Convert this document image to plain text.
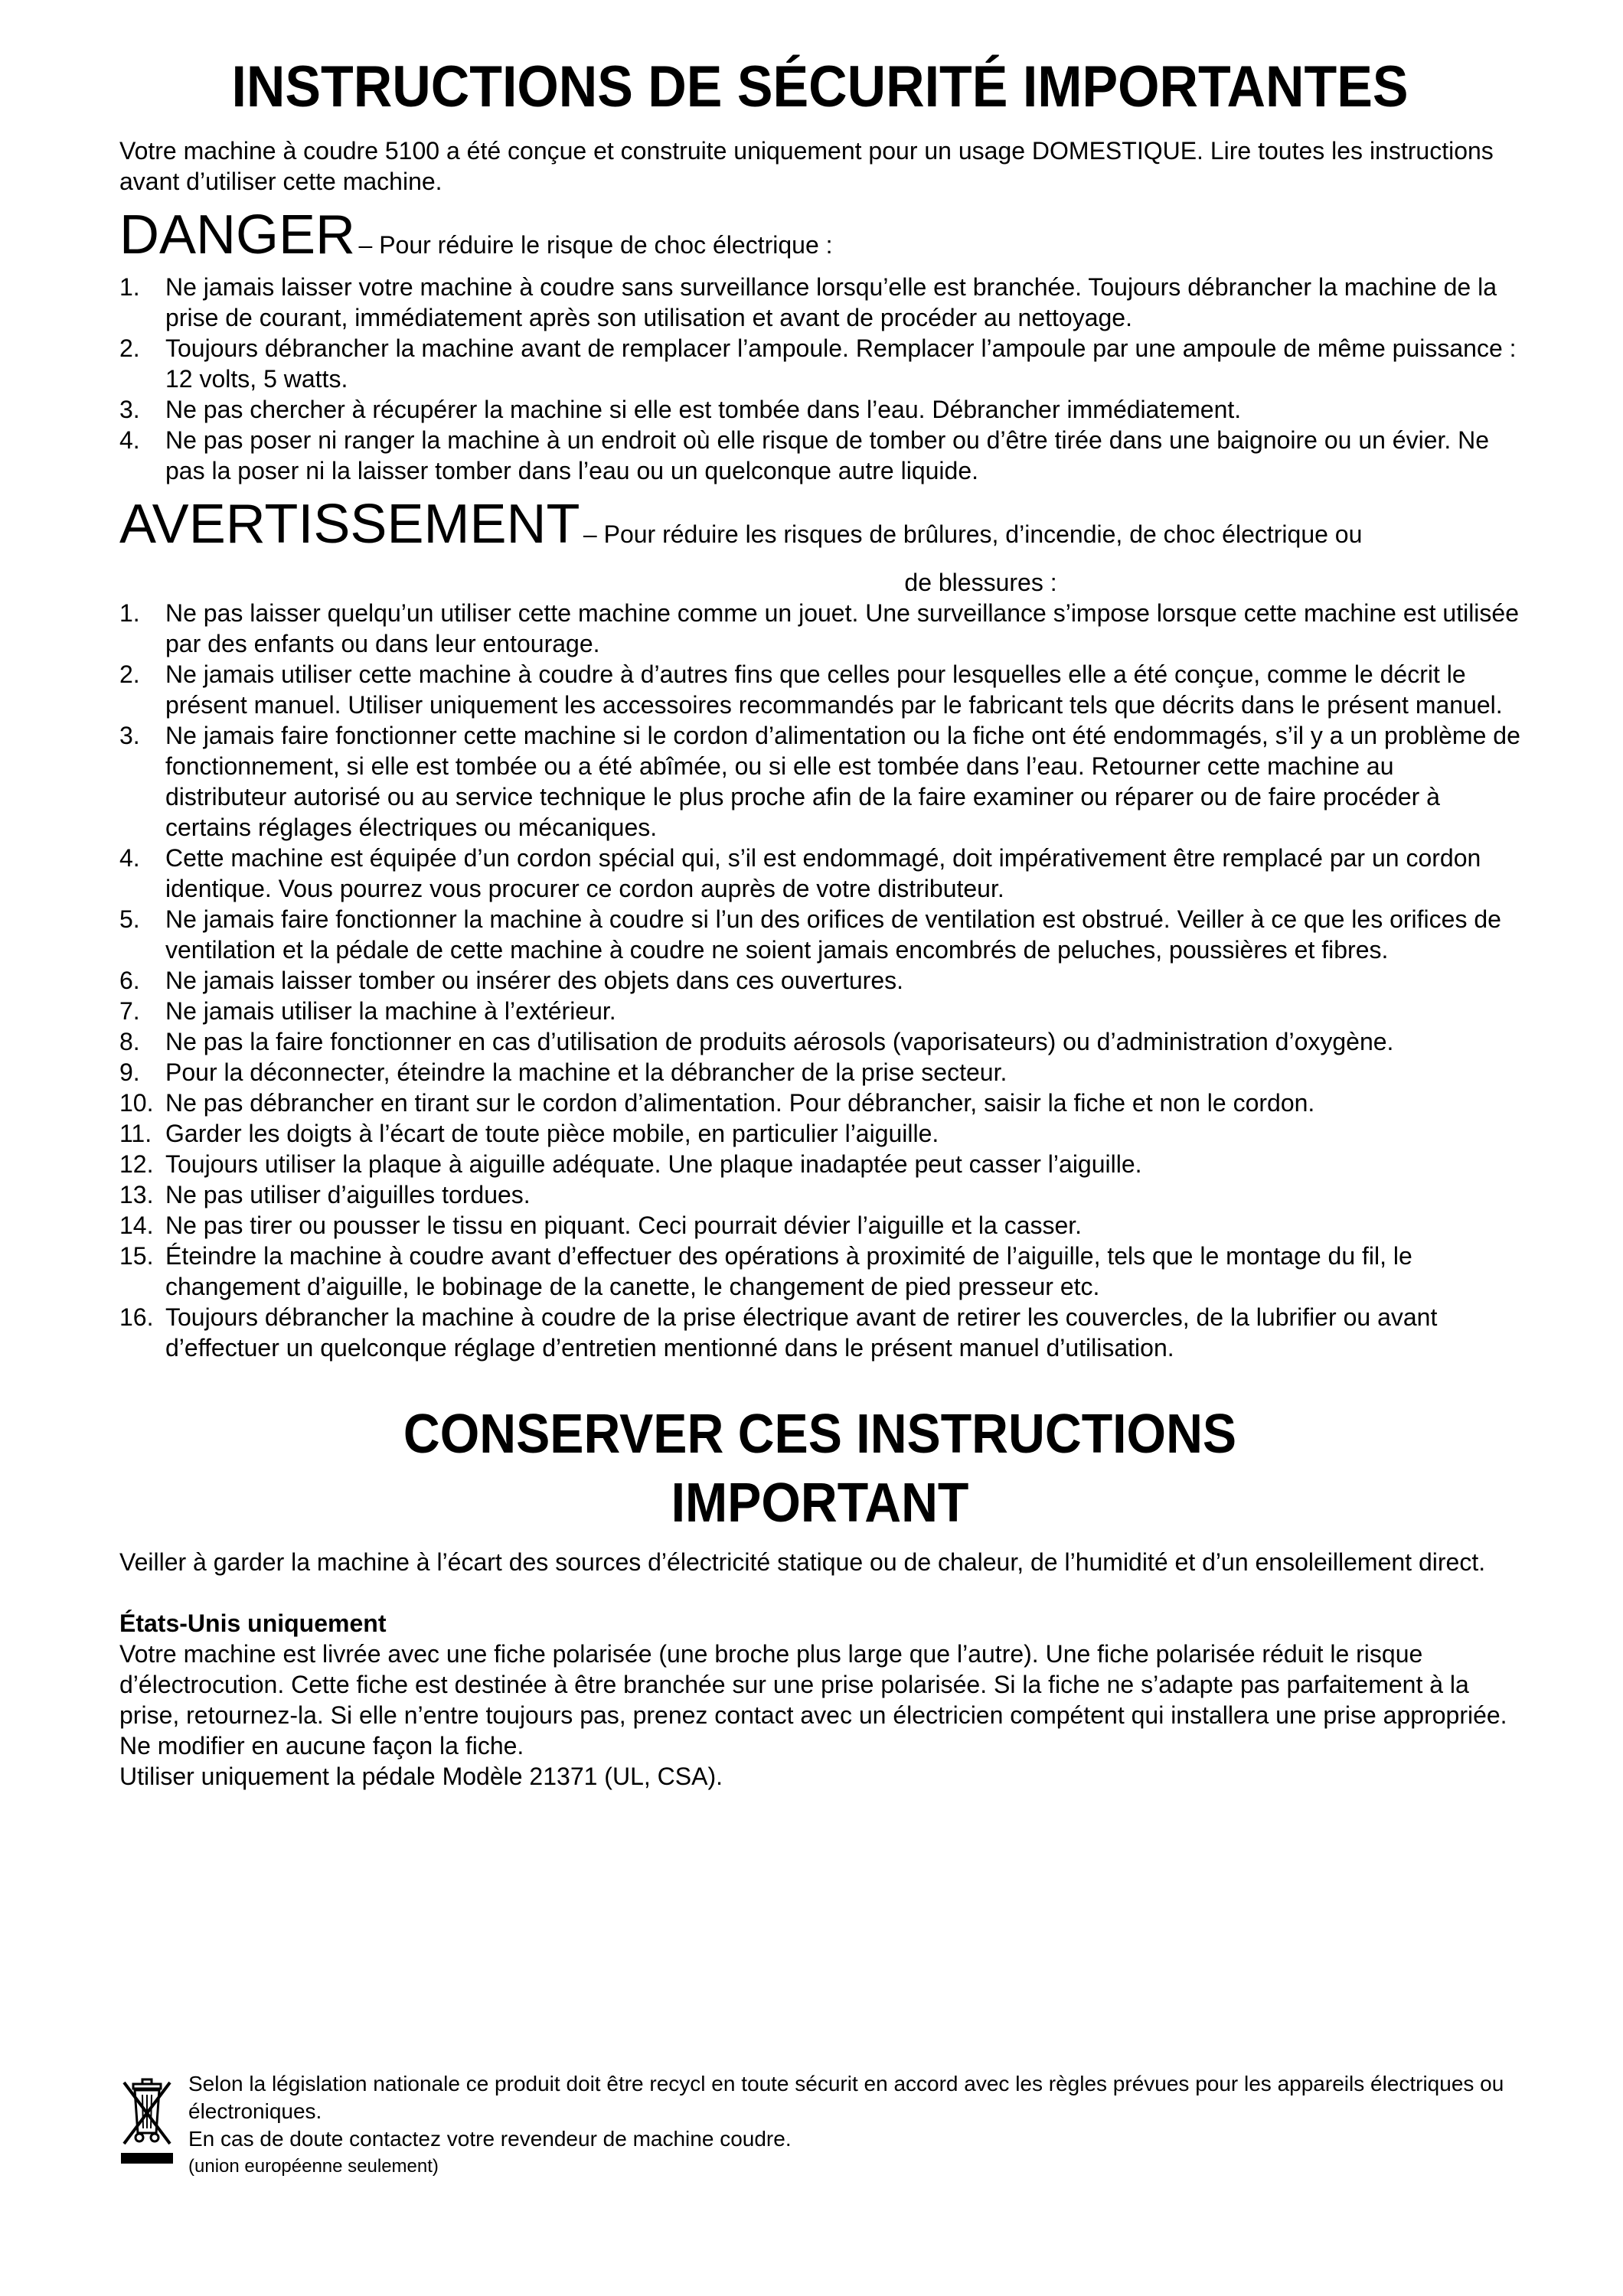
INSTRUCTIONS DE SÉCURITÉ IMPORTANTES

Votre machine à coudre 5100 a été conçue et construite uniquement pour un usage DOMESTIQUE. Lire toutes les instructions avant d’utiliser cette machine.

DANGER – Pour réduire le risque de choc électrique :
1. Ne jamais laisser votre machine à coudre sans surveillance lorsqu’elle est branchée. Toujours débrancher la machine de la prise de courant, immédiatement après son utilisation et avant de procéder au nettoyage.
2. Toujours débrancher la machine avant de remplacer l’ampoule. Remplacer l’ampoule par une ampoule de même puissance : 12 volts, 5 watts.
3. Ne pas chercher à récupérer la machine si elle est tombée dans l’eau. Débrancher immédiatement.
4. Ne pas poser ni ranger la machine à un endroit où elle risque de tomber ou d’être tirée dans une baignoire ou un évier. Ne pas la poser ni la laisser tomber dans l’eau ou un quelconque autre liquide.
AVERTISSEMENT – Pour réduire les risques de brûlures, d’incendie, de choc électrique ou

de blessures :

1. Ne pas laisser quelqu’un utiliser cette machine comme un jouet. Une surveillance s’impose lorsque cette machine est utilisée par des enfants ou dans leur entourage.
2. Ne jamais utiliser cette machine à coudre à d’autres fins que celles pour lesquelles elle a été conçue, comme le décrit le présent manuel. Utiliser uniquement les accessoires recommandés par le fabricant tels que décrits dans le présent manuel.
3. Ne jamais faire fonctionner cette machine si le cordon d’alimentation ou la fiche ont été endommagés, s’il y a un problème de fonctionnement, si elle est tombée ou a été abîmée, ou si elle est tombée dans l’eau. Retourner cette machine au distributeur autorisé ou au service technique le plus proche afin de la faire examiner ou réparer ou de faire procéder à certains réglages électriques ou mécaniques.
4. Cette machine est équipée d’un cordon spécial qui, s’il est endommagé, doit impérativement être remplacé par un cordon identique. Vous pourrez vous procurer ce cordon auprès de votre distributeur.
5. Ne jamais faire fonctionner la machine à coudre si l’un des orifices de ventilation est obstrué. Veiller à ce que les orifices de ventilation et la pédale de cette machine à coudre ne soient jamais encombrés de peluches, poussières et fibres.
6. Ne jamais laisser tomber ou insérer des objets dans ces ouvertures.
7. Ne jamais utiliser la machine à l’extérieur.
8. Ne pas la faire fonctionner en cas d’utilisation de produits aérosols (vaporisateurs) ou d’administration d’oxygène.
9. Pour la déconnecter, éteindre la machine et la débrancher de la prise secteur.
10. Ne pas débrancher en tirant sur le cordon d’alimentation. Pour débrancher, saisir la fiche et non le cordon.
11. Garder les doigts à l’écart de toute pièce mobile, en particulier l’aiguille.
12. Toujours utiliser la plaque à aiguille adéquate. Une plaque inadaptée peut casser l’aiguille.
13. Ne pas utiliser d’aiguilles tordues.
14. Ne pas tirer ou pousser le tissu en piquant. Ceci pourrait dévier l’aiguille et la casser.
15. Éteindre la machine à coudre avant d’effectuer des opérations à proximité de l’aiguille, tels que le montage du fil, le changement d’aiguille, le bobinage de la canette, le changement de pied presseur etc.
16. Toujours débrancher la machine à coudre de la prise électrique avant de retirer les couvercles, de la lubrifier ou avant d’effectuer un quelconque réglage d’entretien mentionné dans le présent manuel d’utilisation.
CONSERVER CES INSTRUCTIONS
IMPORTANT

Veiller à garder la machine à l’écart des sources d’électricité statique ou de chaleur, de l’humidité et d’un ensoleillement direct.

États-Unis uniquement

Votre machine est livrée avec une fiche polarisée (une broche plus large que l’autre). Une fiche polarisée réduit le risque d’électrocution. Cette fiche est destinée à être branchée sur une prise polarisée. Si la fiche ne s’adapte pas parfaitement à la prise, retournez-la. Si elle n’entre toujours pas, prenez contact avec un électricien compétent qui installera une prise appropriée. Ne modifier en aucune façon la fiche.

Utiliser uniquement la pédale Modèle 21371 (UL, CSA).

Selon la législation nationale ce produit doit être recycl en toute sécurit en accord avec les règles prévues pour les appareils électriques ou électroniques.
En cas de doute contactez votre revendeur de machine coudre.
(union européenne seulement)
